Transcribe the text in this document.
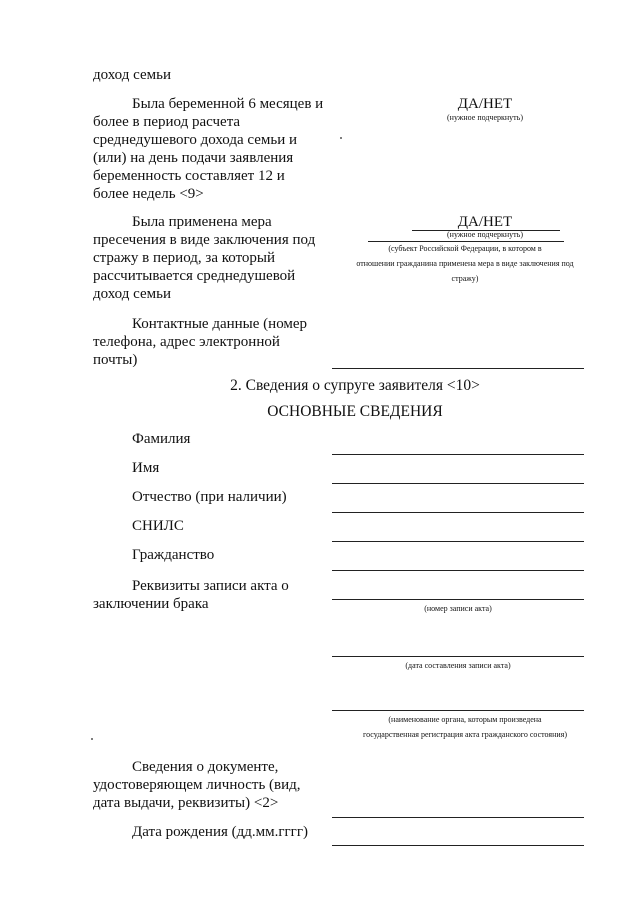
доход семьи
Была беременной 6 месяцев и
более в период расчета
среднедушевого дохода семьи и
(или) на день подачи заявления
беременность составляет 12 и
более недель <9>
ДА/НЕТ
(нужное подчеркнуть)
Была применена мера
пресечения в виде заключения под
стражу в период, за который
рассчитывается среднедушевой
доход семьи
ДА/НЕТ
(нужное подчеркнуть)
(субъект Российской Федерации, в котором в
отношении гражданина применена мера в виде заключения под
стражу)
Контактные данные (номер
телефона, адрес электронной
почты)
2. Сведения о супруге заявителя <10>
ОСНОВНЫЕ СВЕДЕНИЯ
Фамилия
Имя
Отчество (при наличии)
СНИЛС
Гражданство
Реквизиты записи акта о
заключении брака	(номер записи акта)
(дата составления записи акта)
(наименование органа, которым произведена
государственная регистрация акта гражданского состояния)
Сведения о документе,
удостоверяющем личность (вид,
дата выдачи, реквизиты) <2>
Дата рождения (дд.мм.гггг)
